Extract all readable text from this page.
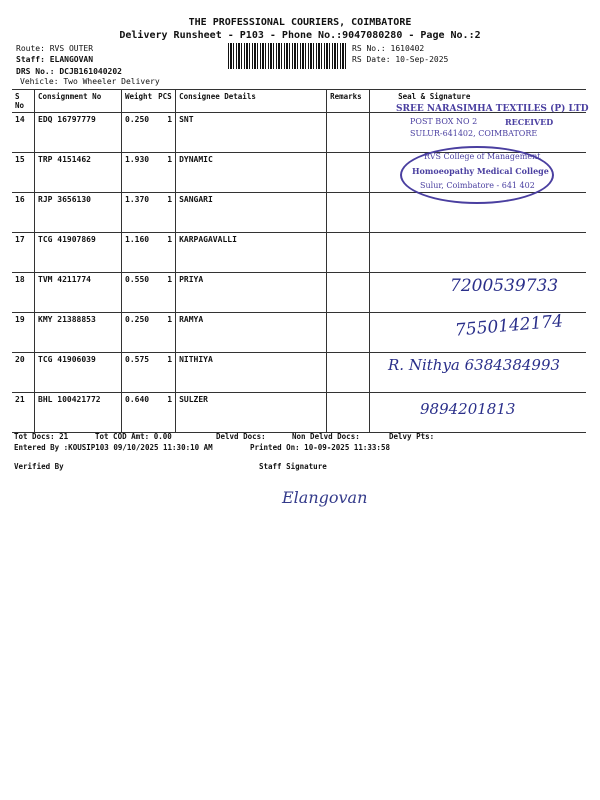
THE PROFESSIONAL COURIERS, COIMBATORE
Delivery Runsheet - P103 - Phone No.:9047080280 - Page No.:2
Route: RVS OUTER
Staff: ELANGOVAN
DRS No.: DCJB161040202
Vehicle: Two Wheeler Delivery
RS No.: 1610402
RS Date: 10-Sep-2025
S No	Consignment No	Weight	PCS	Consignee Details	Remarks	Seal & Signature
14	EDQ 16797779	0.250	1	SNT		
15	TRP 4151462	1.930	1	DYNAMIC		
16	RJP 3656130	1.370	1	SANGARI		
17	TCG 41907869	1.160	1	KARPAGAVALLI		
18	TVM 4211774	0.550	1	PRIYA		
19	KMY 21388853	0.250	1	RAMYA		
20	TCG 41906039	0.575	1	NITHIYA		
21	BHL 100421772	0.640	1	SULZER		
SREE NARASIMHA TEXTILES (P) LTD
POST BOX NO 2	RECEIVED
SULUR-641402, COIMBATORE
RVS College of Management
Homoeopathy Medical College
Sulur, Coimbatore - 641 402
7200539733
7550142174
R. Nithya 6384384993
9894201813
Tot Docs: 21	Tot COD Amt: 0.00	Delvd Docs:	Non Delvd Docs:	Delvy Pts:
Entered By :KOUSIP103 09/10/2025 11:30:10 AM	Printed On: 10-09-2025 11:33:58
Verified By	Staff Signature
Elangovan
